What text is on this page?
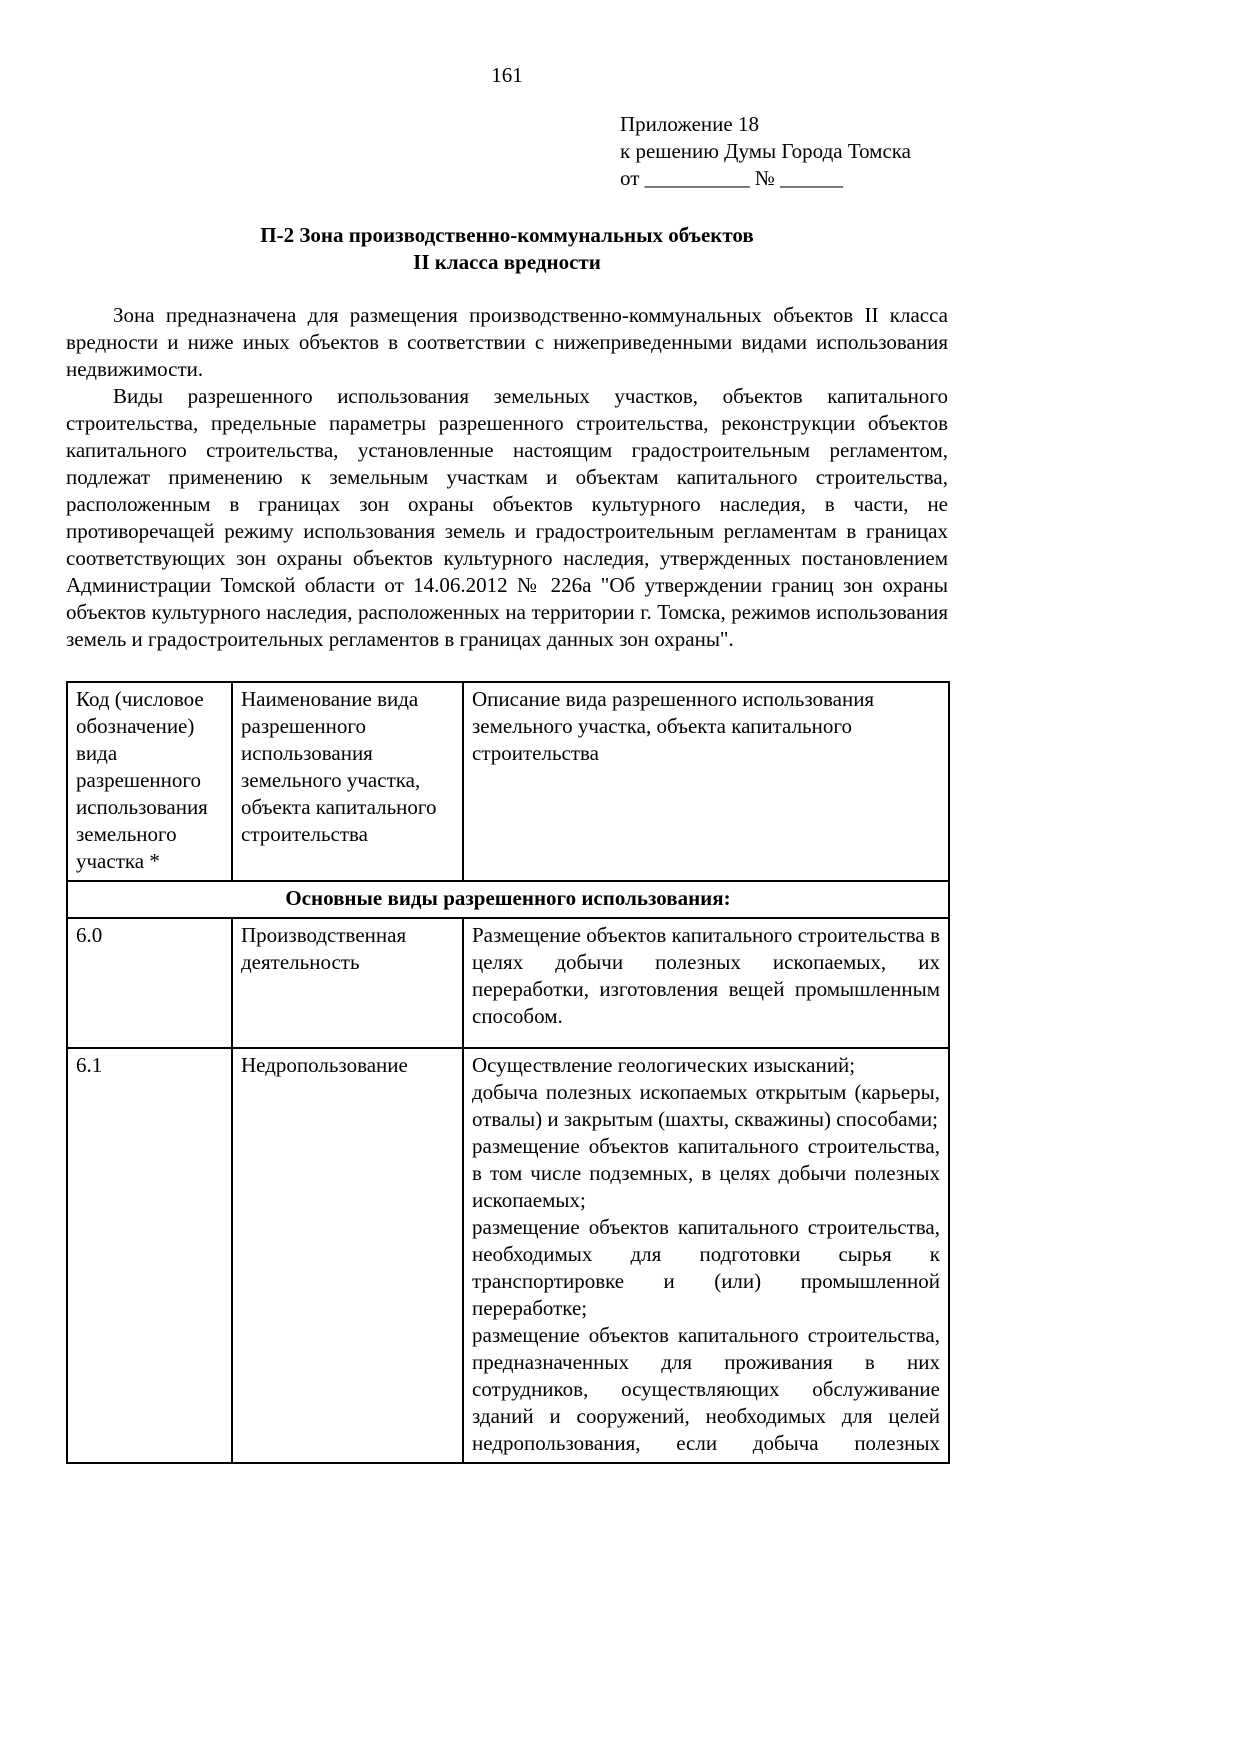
161
Приложение 18
к решению Думы Города Томска
от __________ № ______
П-2 Зона производственно-коммунальных объектов
II класса вредности

Зона предназначена для размещения производственно-коммунальных объектов II класса вредности и ниже иных объектов в соответствии с нижеприведенными видами использования недвижимости.

Виды разрешенного использования земельных участков, объектов капитального строительства, предельные параметры разрешенного строительства, реконструкции объектов капитального строительства, установленные настоящим градостроительным регламентом, подлежат применению к земельным участкам и объектам капитального строительства, расположенным в границах зон охраны объектов культурного наследия, в части, не противоречащей режиму использования земель и градостроительным регламентам в границах соответствующих зон охраны объектов культурного наследия, утвержденных постановлением Администрации Томской области от 14.06.2012 № 226а "Об утверждении границ зон охраны объектов культурного наследия, расположенных на территории г. Томска, режимов использования земель и градостроительных регламентов в границах данных зон охраны".

Код (числовое обозначение) вида разрешенного использования земельного участка *	Наименование вида разрешенного использования земельного участка, объекта капитального строительства	Описание вида разрешенного использования земельного участка, объекта капитального строительства
Основные виды разрешенного использования:		
6.0	Производственная деятельность	Размещение объектов капитального строительства в целях добычи полезных ископаемых, их переработки, изготовления вещей промышленным способом.
6.1	Недропользование	Осуществление геологических изысканий;
добыча полезных ископаемых открытым (карьеры, отвалы) и закрытым (шахты, скважины) способами;
размещение объектов капитального строительства, в том числе подземных, в целях добычи полезных ископаемых;
размещение объектов капитального строительства, необходимых для подготовки сырья к транспортировке и (или) промышленной переработке;
размещение объектов капитального строительства, предназначенных для проживания в них сотрудников, осуществляющих обслуживание зданий и сооружений, необходимых для целей недропользования, если добыча полезных
